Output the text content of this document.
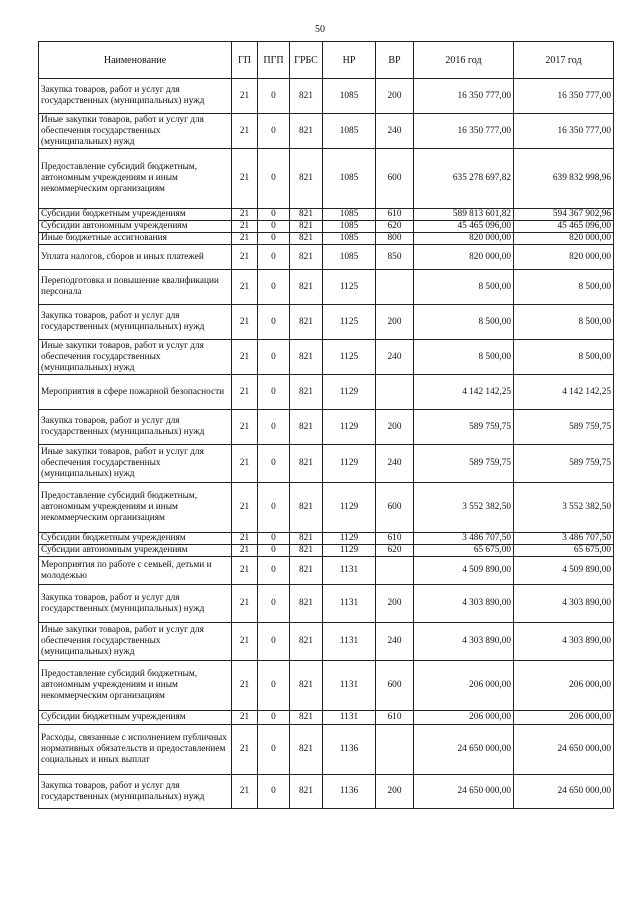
50
Наименование	ГП	ПГП	ГРБС	НР	ВР	2016 год	2017 год
Закупка товаров, работ и услуг для государственных (муниципальных) нужд	21	0	821	1085	200	16 350 777,00	16 350 777,00
Иные закупки товаров, работ и услуг для обеспечения государственных (муниципальных) нужд	21	0	821	1085	240	16 350 777,00	16 350 777,00
Предоставление субсидий бюджетным, автономным учреждениям и иным некоммерческим организациям	21	0	821	1085	600	635 278 697,82	639 832 998,96
Субсидии бюджетным учреждениям	21	0	821	1085	610	589 813 601,82	594 367 902,96
Субсидии автономным учреждениям	21	0	821	1085	620	45 465 096,00	45 465 096,00
Иные бюджетные ассигнования	21	0	821	1085	800	820 000,00	820 000,00
Уплата налогов, сборов и иных платежей	21	0	821	1085	850	820 000,00	820 000,00
Переподготовка и повышение квалификации персонала	21	0	821	1125		8 500,00	8 500,00
Закупка товаров, работ и услуг для государственных (муниципальных) нужд	21	0	821	1125	200	8 500,00	8 500,00
Иные закупки товаров, работ и услуг для обеспечения государственных (муниципальных) нужд	21	0	821	1125	240	8 500,00	8 500,00
Мероприятия в сфере пожарной безопасности	21	0	821	1129		4 142 142,25	4 142 142,25
Закупка товаров, работ и услуг для государственных (муниципальных) нужд	21	0	821	1129	200	589 759,75	589 759,75
Иные закупки товаров, работ и услуг для обеспечения государственных (муниципальных) нужд	21	0	821	1129	240	589 759,75	589 759,75
Предоставление субсидий бюджетным, автономным учреждениям и иным некоммерческим организациям	21	0	821	1129	600	3 552 382,50	3 552 382,50
Субсидии бюджетным учреждениям	21	0	821	1129	610	3 486 707,50	3 486 707,50
Субсидии автономным учреждениям	21	0	821	1129	620	65 675,00	65 675,00
Мероприятия по работе с семьей, детьми и молодежью	21	0	821	1131		4 509 890,00	4 509 890,00
Закупка товаров, работ и услуг для государственных (муниципальных) нужд	21	0	821	1131	200	4 303 890,00	4 303 890,00
Иные закупки товаров, работ и услуг для обеспечения государственных (муниципальных) нужд	21	0	821	1131	240	4 303 890,00	4 303 890,00
Предоставление субсидий бюджетным, автономным учреждениям и иным некоммерческим организациям	21	0	821	1131	600	206 000,00	206 000,00
Субсидии бюджетным учреждениям	21	0	821	1131	610	206 000,00	206 000,00
Расходы, связанные с исполнением публичных нормативных обязательств и предоставлением социальных и иных выплат	21	0	821	1136		24 650 000,00	24 650 000,00
Закупка товаров, работ и услуг для государственных (муниципальных) нужд	21	0	821	1136	200	24 650 000,00	24 650 000,00
